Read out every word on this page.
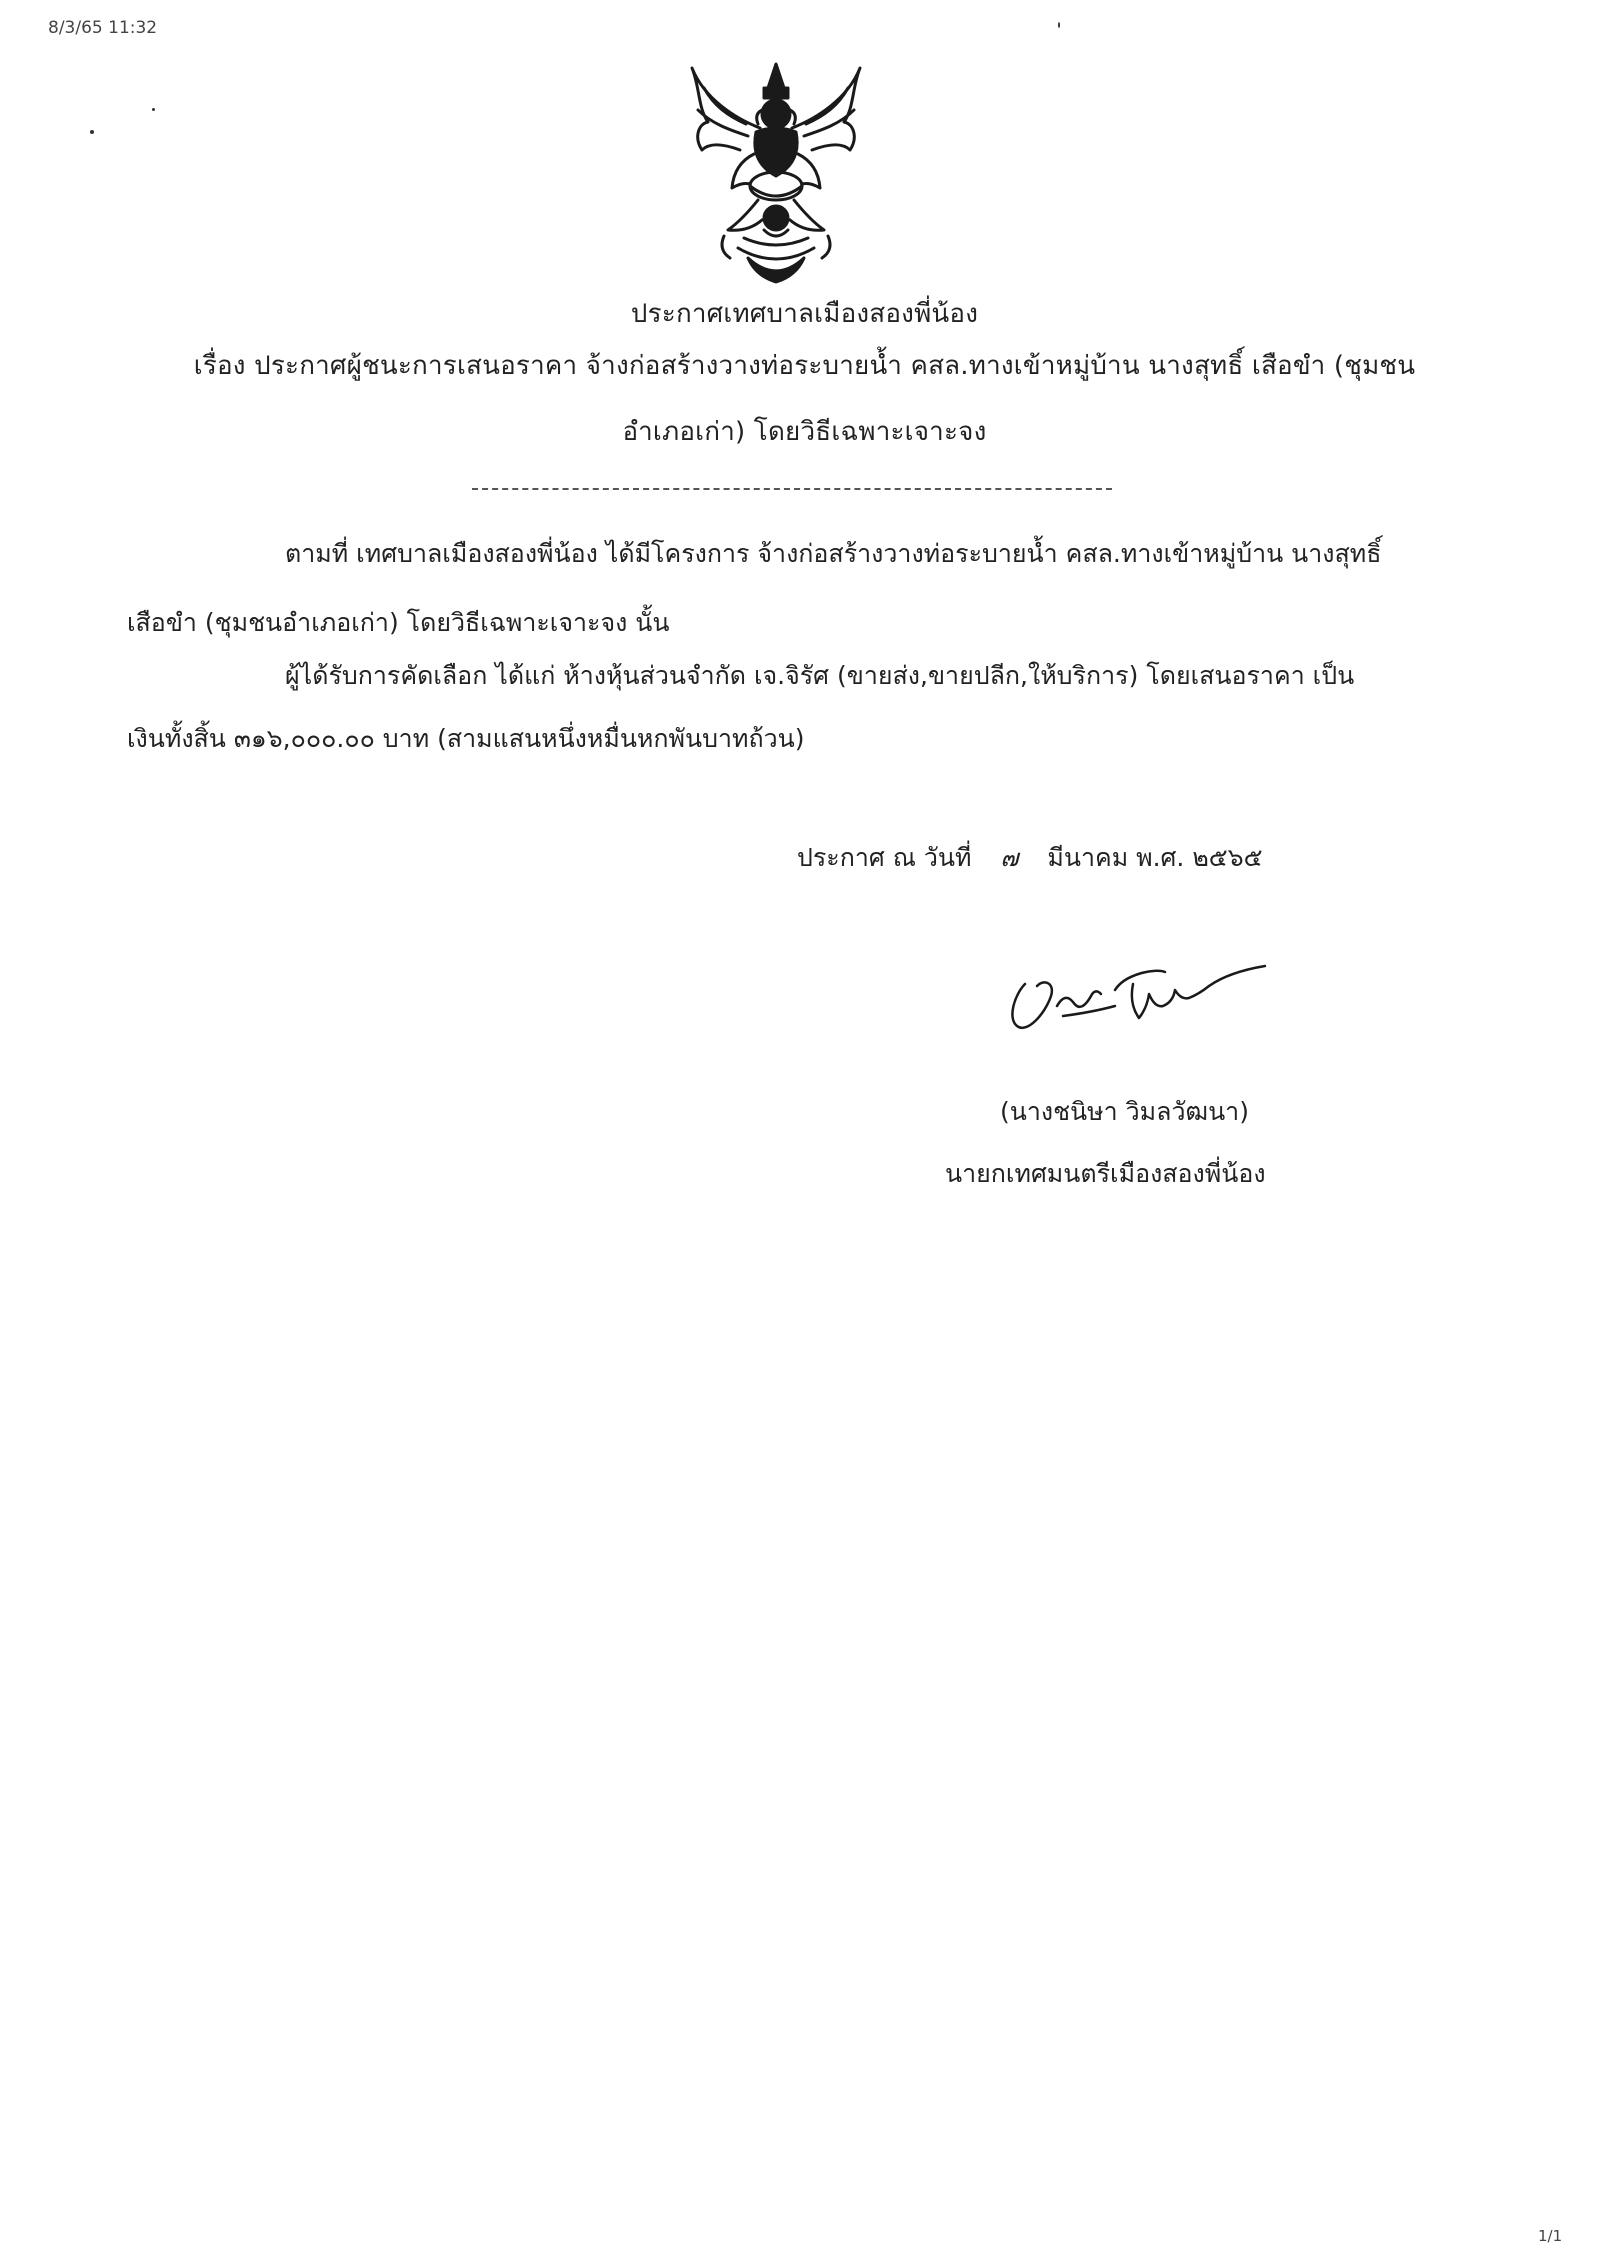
8/3/65 11:32
ประกาศเทศบาลเมืองสองพี่น้อง
เรื่อง ประกาศผู้ชนะการเสนอราคา จ้างก่อสร้างวางท่อระบายน้ำ คสล.ทางเข้าหมู่บ้าน นางสุทธิ์ เสือขำ (ชุมชน
อำเภอเก่า) โดยวิธีเฉพาะเจาะจง
ตามที่ เทศบาลเมืองสองพี่น้อง ได้มีโครงการ จ้างก่อสร้างวางท่อระบายน้ำ คสล.ทางเข้าหมู่บ้าน นางสุทธิ์
เสือขำ (ชุมชนอำเภอเก่า) โดยวิธีเฉพาะเจาะจง นั้น
ผู้ได้รับการคัดเลือก ได้แก่ ห้างหุ้นส่วนจำกัด เจ.จิรัศ (ขายส่ง,ขายปลีก,ให้บริการ) โดยเสนอราคา เป็น
เงินทั้งสิ้น ๓๑๖,๐๐๐.๐๐ บาท (สามแสนหนึ่งหมื่นหกพันบาทถ้วน)
ประกาศ ณ วันที่ ๗ มีนาคม พ.ศ. ๒๕๖๕
(นางชนิษา วิมลวัฒนา)
นายกเทศมนตรีเมืองสองพี่น้อง
1/1
